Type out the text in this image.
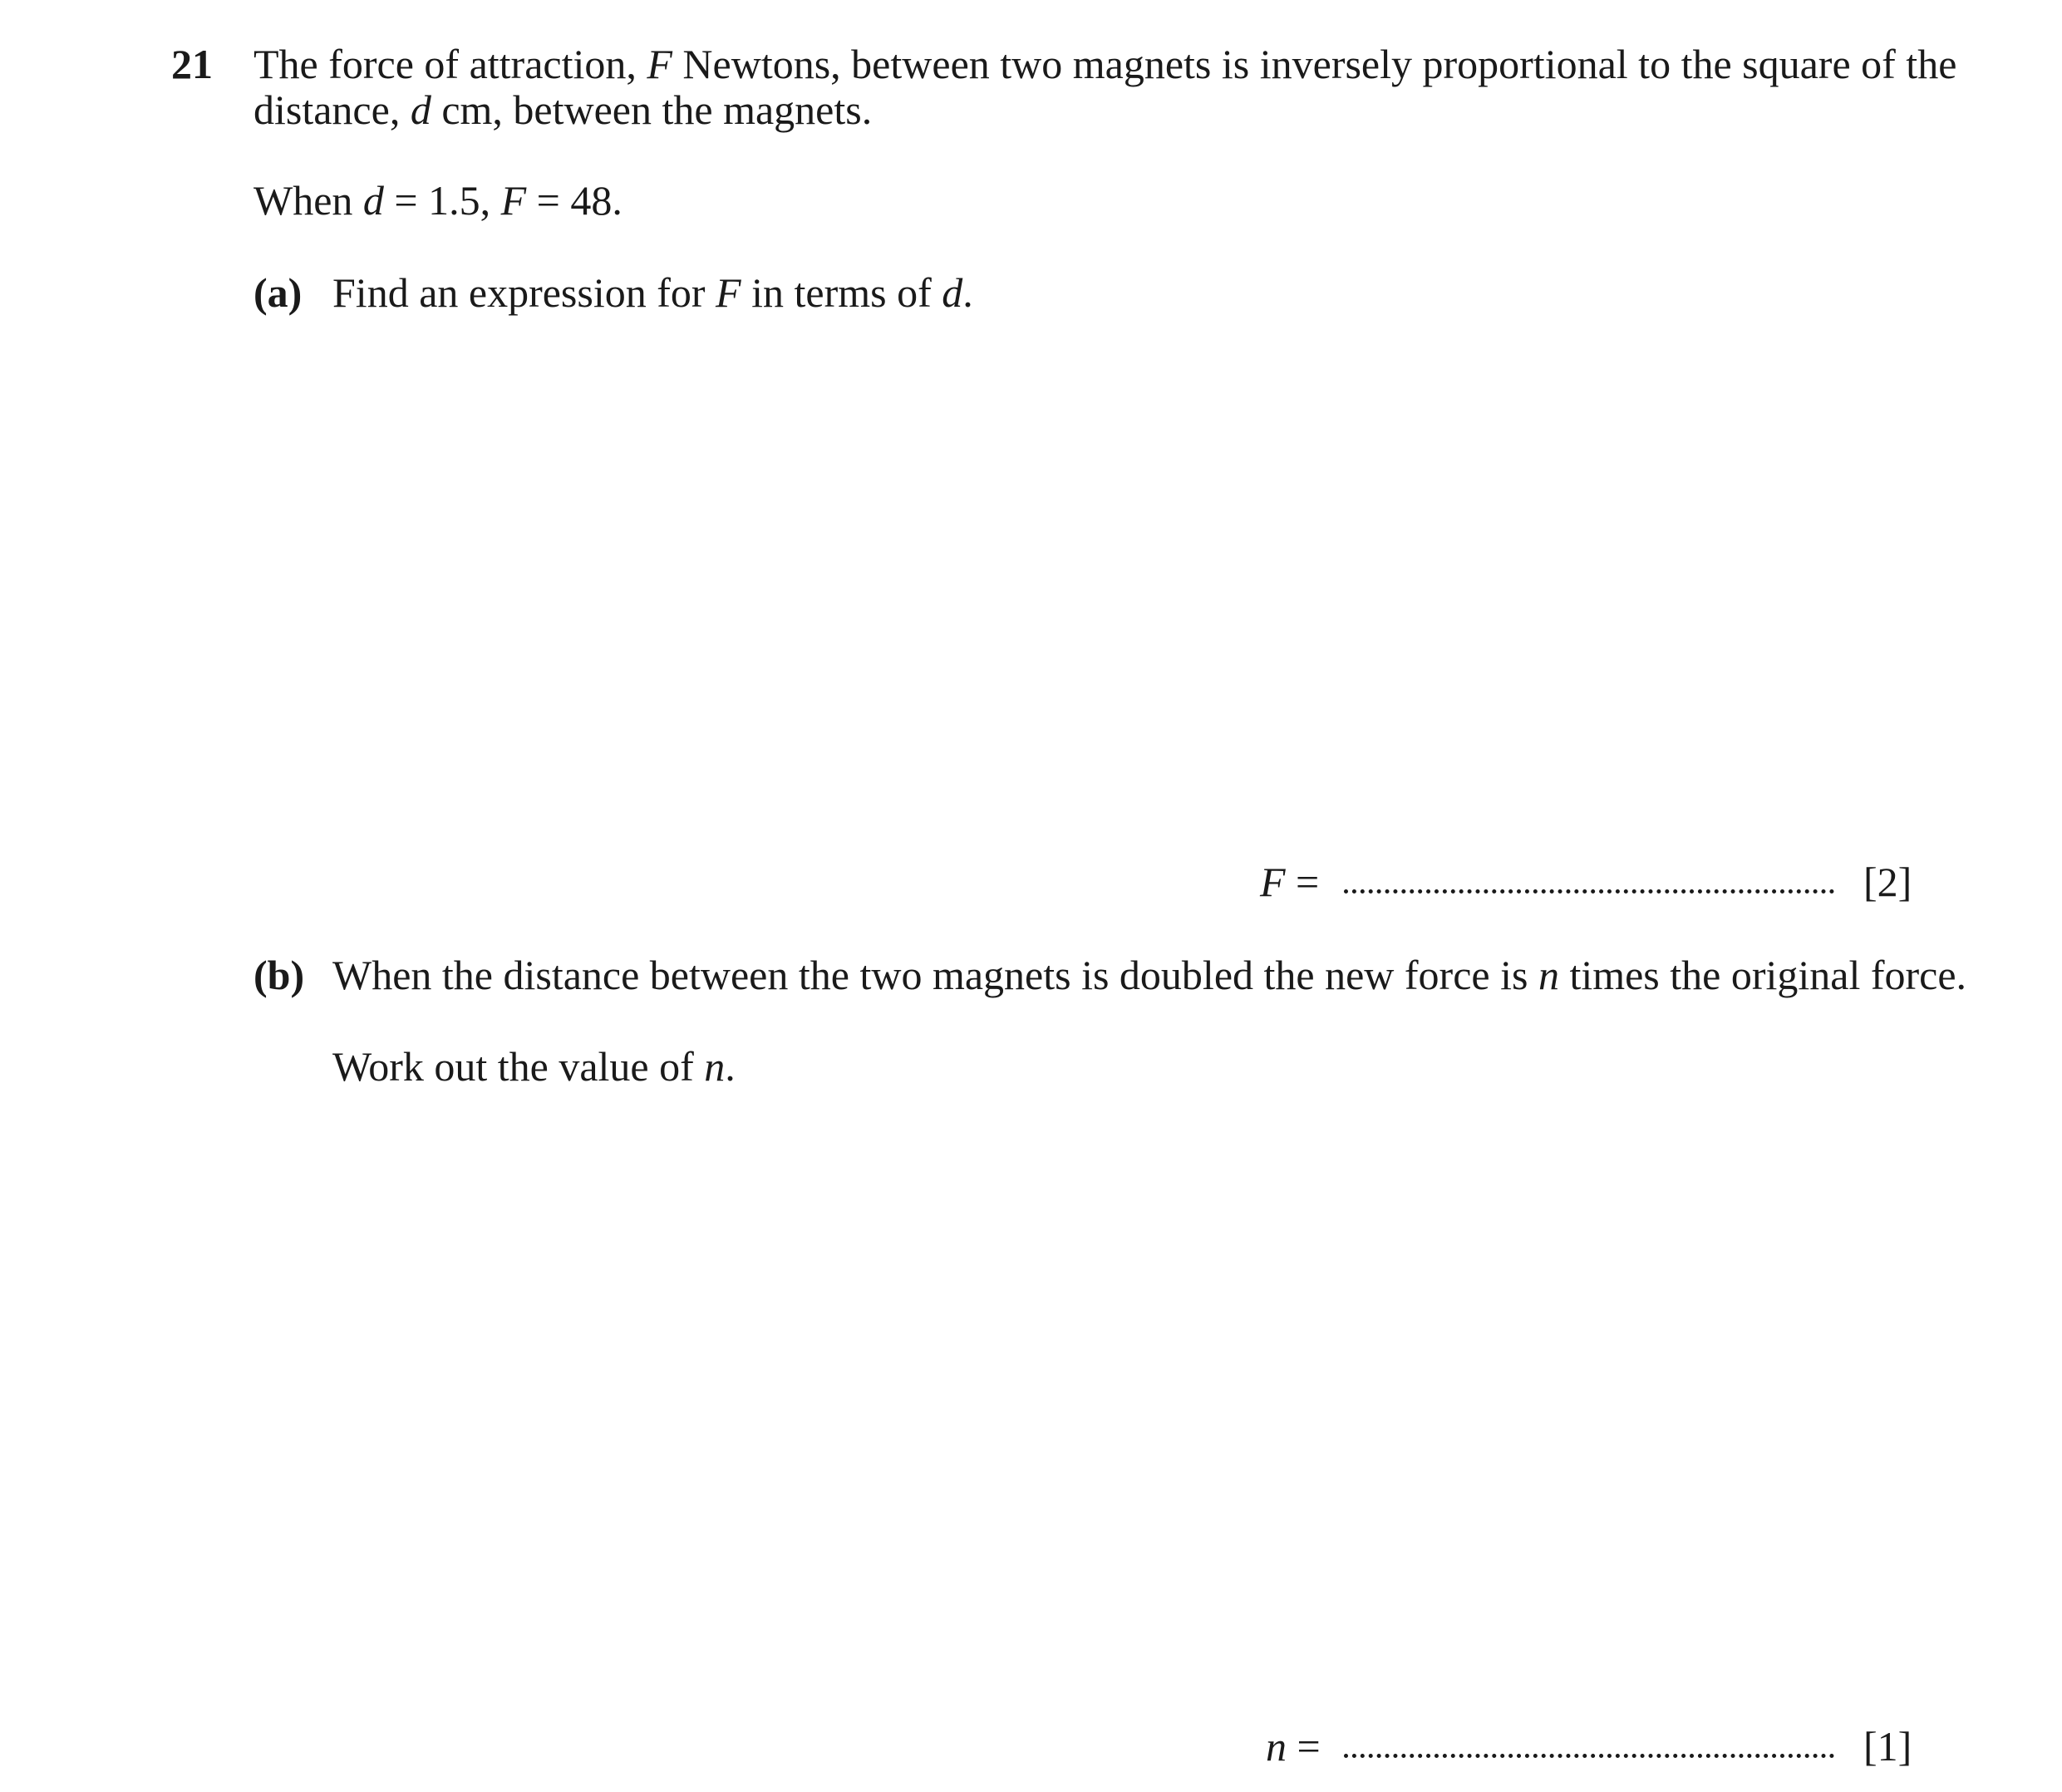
21 The force of attraction, F Newtons, between two magnets is inversely proportional to the square of the
distance, d cm, between the magnets.
When d = 1.5, F = 48.
(a) Find an expression for F in terms of d.
F =	[2]
(b) When the distance between the two magnets is doubled the new force is n times the original force.
Work out the value of n.
n =	[1]
